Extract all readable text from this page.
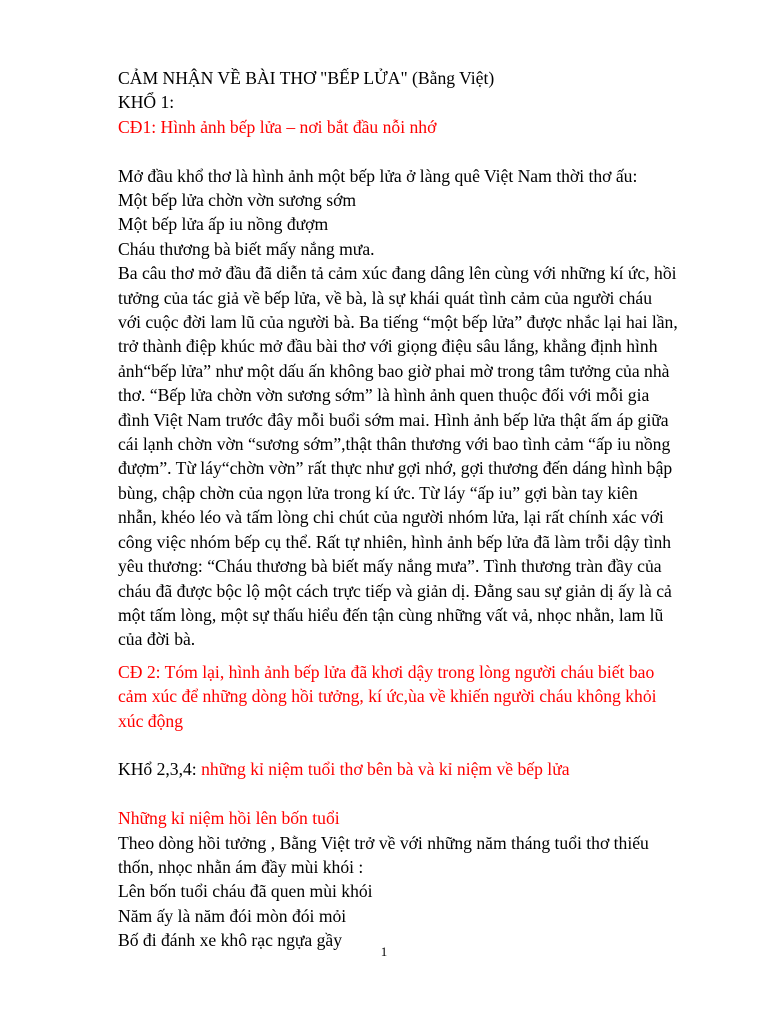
CẢM NHẬN VỀ BÀI THƠ "BẾP LỬA" (Bằng Việt)
KHỔ 1:
CĐ1: Hình ảnh bếp lửa – nơi bắt đầu nỗi nhớ
Mở đầu khổ thơ là hình ảnh một bếp lửa ở làng quê Việt Nam thời thơ ấu:
Một bếp lửa chờn vờn sương sớm
Một bếp lửa ấp iu nồng đượm
Cháu thương bà biết mấy nắng mưa.
Ba câu thơ mở đầu đã diễn tả cảm xúc đang dâng lên cùng với những kí ức, hồi
tưởng của tác giả về bếp lửa, về bà, là sự khái quát tình cảm của người cháu
với cuộc đời lam lũ của người bà. Ba tiếng “một bếp lửa” được nhắc lại hai lần,
trở thành điệp khúc mở đầu bài thơ với giọng điệu sâu lắng, khẳng định hình
ảnh“bếp lửa” như một dấu ấn không bao giờ phai mờ trong tâm tưởng của nhà
thơ. “Bếp lửa chờn vờn sương sớm” là hình ảnh quen thuộc đối với mỗi gia
đình Việt Nam trước đây mỗi buổi sớm mai. Hình ảnh bếp lửa thật ấm áp giữa
cái lạnh chờn vờn “sương sớm”,thật thân thương với bao tình cảm “ấp iu nồng
đượm”. Từ láy“chờn vờn” rất thực như gợi nhớ, gợi thương đến dáng hình bập
bùng, chập chờn của ngọn lửa trong kí ức. Từ láy “ấp iu” gợi bàn tay kiên
nhẫn, khéo léo và tấm lòng chi chút của người nhóm lửa, lại rất chính xác với
công việc nhóm bếp cụ thể. Rất tự nhiên, hình ảnh bếp lửa đã làm trỗi dậy tình
yêu thương: “Cháu thương bà biết mấy nắng mưa”. Tình thương tràn đầy của
cháu đã được bộc lộ một cách trực tiếp và giản dị. Đằng sau sự giản dị ấy là cả
một tấm lòng, một sự thấu hiểu đến tận cùng những vất vả, nhọc nhằn, lam lũ
của đời bà.
CĐ 2: Tóm lại, hình ảnh bếp lửa đã khơi dậy trong lòng người cháu biết bao
cảm xúc để những dòng hồi tưởng, kí ức,ùa về khiến người cháu không khỏi
xúc động
KHổ 2,3,4: những kỉ niệm tuổi thơ bên bà và kỉ niệm về bếp lửa
Những kỉ niệm hồi lên bốn tuổi
Theo dòng hồi tưởng , Bằng Việt trở về với những năm tháng tuổi thơ thiếu
thốn, nhọc nhằn ám đầy mùi khói :
Lên bốn tuổi cháu đã quen mùi khói
Năm ấy là năm đói mòn đói mỏi
Bố đi đánh xe khô rạc ngựa gầy
1
